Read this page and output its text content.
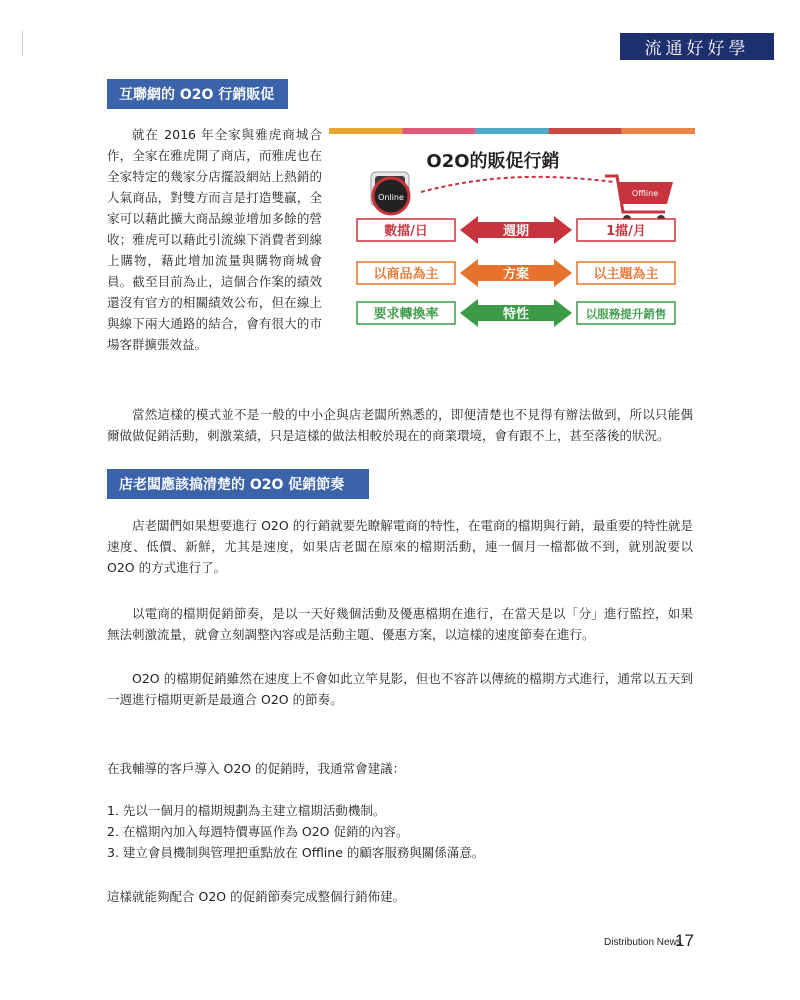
流通好好學
互聯網的 O2O 行銷販促
就在 2016 年全家與雅虎商城合
作，全家在雅虎開了商店，而雅虎也在
全家特定的幾家分店擺設網站上熱銷的
人氣商品，對雙方而言是打造雙贏，全
家可以藉此擴大商品線並增加多餘的營
收；雅虎可以藉此引流線下消費者到線
上購物，藉此增加流量與購物商城會
員。截至目前為止，這個合作案的績效
還沒有官方的相關績效公布，但在線上
與線下兩大通路的結合，會有很大的市
場客群擴張效益。
O2O的販促行銷
Online	Offline
數擋/日	週期	1擋/月
以商品為主	方案	以主題為主
要求轉換率	特性	以服務提升銷售
當然這樣的模式並不是一般的中小企與店老闆所熟悉的，即便清楚也不見得有辦法做到，所以只能偶爾做做促銷活動，刺激業績，只是這樣的做法相較於現在的商業環境，會有跟不上，甚至落後的狀況。
店老闆應該搞清楚的 O2O 促銷節奏
店老闆們如果想要進行 O2O 的行銷就要先瞭解電商的特性，在電商的檔期與行銷，最重要的特性就是速度、低價、新鮮，尤其是速度，如果店老闆在原來的檔期活動，連一個月一檔都做不到，就別說要以 O2O 的方式進行了。
以電商的檔期促銷節奏，是以一天好幾個活動及優惠檔期在進行，在當天是以「分」進行監控，如果無法刺激流量，就會立刻調整內容或是活動主題、優惠方案，以這樣的速度節奏在進行。
O2O 的檔期促銷雖然在速度上不會如此立竿見影，但也不容許以傳統的檔期方式進行，通常以五天到一週進行檔期更新是最適合 O2O 的節奏。
在我輔導的客戶導入 O2O 的促銷時，我通常會建議：
1. 先以一個月的檔期規劃為主建立檔期活動機制。
2. 在檔期內加入每週特價專區作為 O2O 促銷的內容。
3. 建立會員機制與管理把重點放在 Offline 的顧客服務與關係滿意。
這樣就能夠配合 O2O 的促銷節奏完成整個行銷佈建。
Distribution News
17
